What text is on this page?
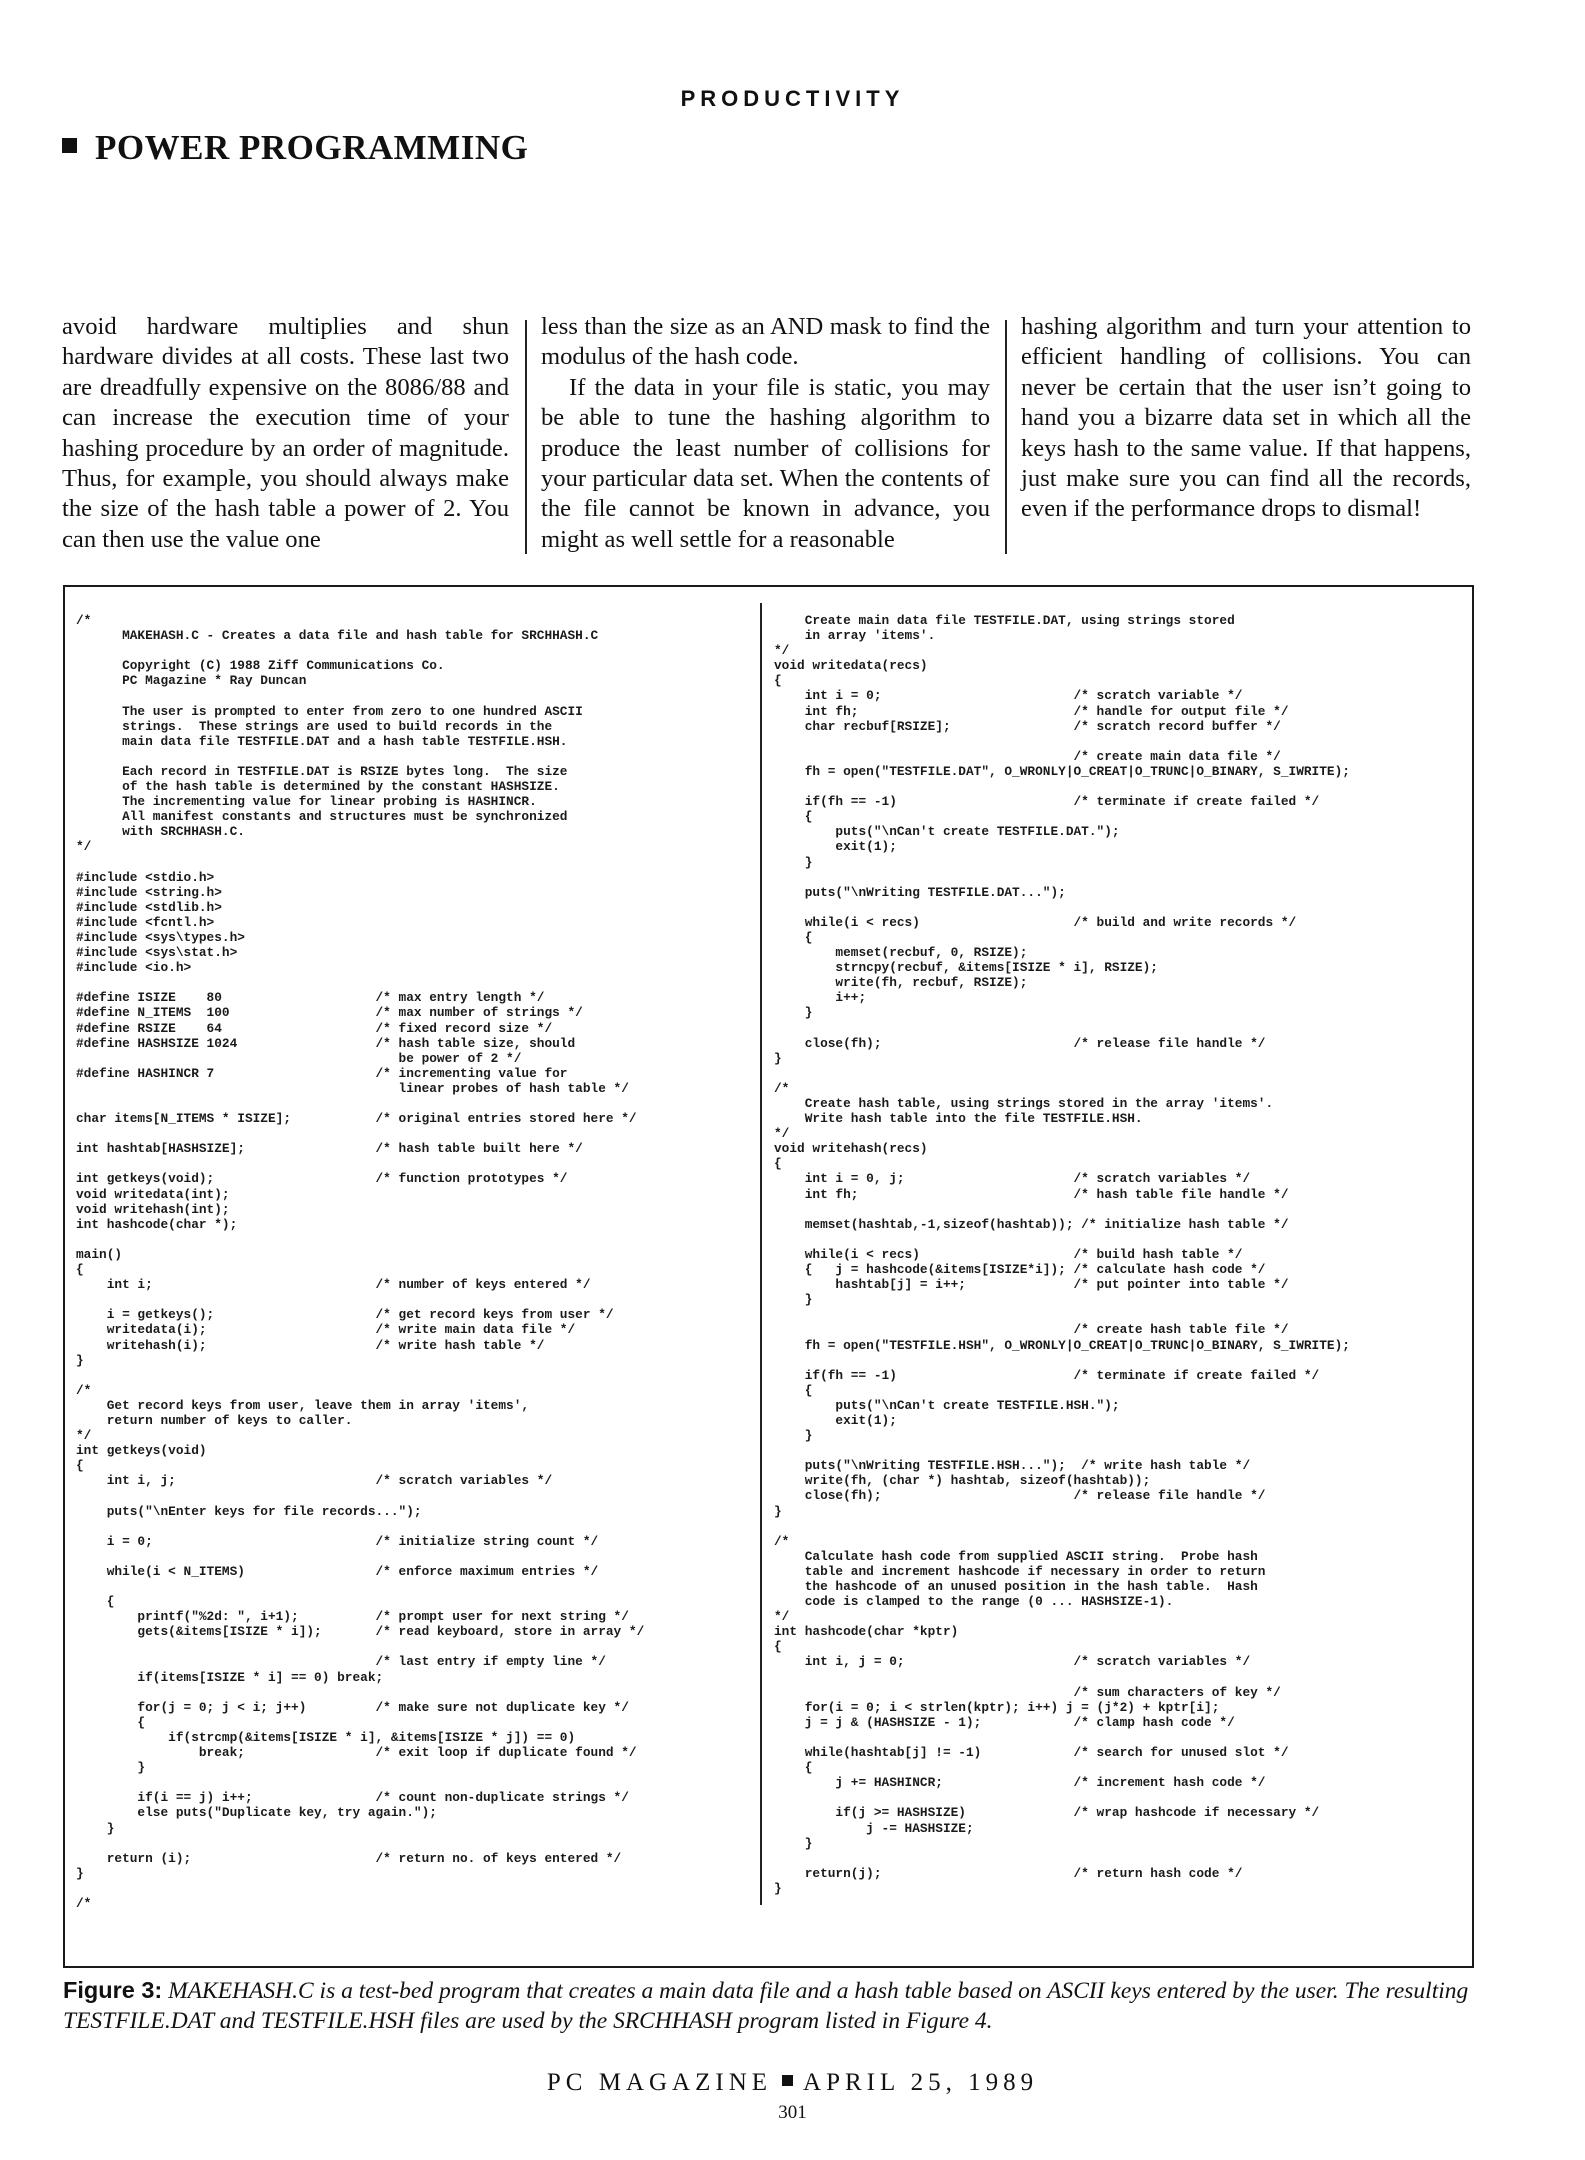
PRODUCTIVITY
POWER PROGRAMMING

avoid hardware multiplies and shun hardware divides at all costs. These last two are dreadfully expensive on the 8086/88 and can increase the execution time of your hashing procedure by an order of magnitude. Thus, for example, you should always make the size of the hash table a power of 2. You can then use the value one

less than the size as an AND mask to find the modulus of the hash code.

If the data in your file is static, you may be able to tune the hashing algorithm to produce the least number of collisions for your particular data set. When the contents of the file cannot be known in advance, you might as well settle for a reasonable

hashing algorithm and turn your attention to efficient handling of collisions. You can never be certain that the user isn’t going to hand you a bizarre data set in which all the keys hash to the same value. If that happens, just make sure you can find all the records, even if the performance drops to dismal!

/*
MAKEHASH.C - Creates a data file and hash table for SRCHHASH.C

Copyright (C) 1988 Ziff Communications Co.
PC Magazine * Ray Duncan

The user is prompted to enter from zero to one hundred ASCII
strings.  These strings are used to build records in the
main data file TESTFILE.DAT and a hash table TESTFILE.HSH.

Each record in TESTFILE.DAT is RSIZE bytes long.  The size
of the hash table is determined by the constant HASHSIZE.
The incrementing value for linear probing is HASHINCR.
All manifest constants and structures must be synchronized
with SRCHHASH.C.
*/

#include <stdio.h>
#include <string.h>
#include <stdlib.h>
#include <fcntl.h>
#include <sys\types.h>
#include <sys\stat.h>
#include <io.h>

#define ISIZE    80                    /* max entry length */
#define N_ITEMS  100                   /* max number of strings */
#define RSIZE    64                    /* fixed record size */
#define HASHSIZE 1024                  /* hash table size, should
be power of 2 */
#define HASHINCR 7                     /* incrementing value for
linear probes of hash table */

char items[N_ITEMS * ISIZE];           /* original entries stored here */

int hashtab[HASHSIZE];                 /* hash table built here */

int getkeys(void);                     /* function prototypes */
void writedata(int);
void writehash(int);
int hashcode(char *);

main()
{
int i;                             /* number of keys entered */

i = getkeys();                     /* get record keys from user */
writedata(i);                      /* write main data file */
writehash(i);                      /* write hash table */
}

/*
Get record keys from user, leave them in array 'items',
return number of keys to caller.
*/
int getkeys(void)
{
int i, j;                          /* scratch variables */

puts("\nEnter keys for file records...");

i = 0;                             /* initialize string count */

while(i < N_ITEMS)                 /* enforce maximum entries */

{
printf("%2d: ", i+1);          /* prompt user for next string */
gets(&items[ISIZE * i]);       /* read keyboard, store in array */

/* last entry if empty line */
if(items[ISIZE * i] == 0) break;

for(j = 0; j < i; j++)         /* make sure not duplicate key */
{
if(strcmp(&items[ISIZE * i], &items[ISIZE * j]) == 0)
break;                 /* exit loop if duplicate found */
}

if(i == j) i++;                /* count non-duplicate strings */
else puts("Duplicate key, try again.");
}

return (i);                        /* return no. of keys entered */
}

/*
Create main data file TESTFILE.DAT, using strings stored
in array 'items'.
*/
void writedata(recs)
{
int i = 0;                         /* scratch variable */
int fh;                            /* handle for output file */
char recbuf[RSIZE];                /* scratch record buffer */

/* create main data file */
fh = open("TESTFILE.DAT", O_WRONLY|O_CREAT|O_TRUNC|O_BINARY, S_IWRITE);

if(fh == -1)                       /* terminate if create failed */
{
puts("\nCan't create TESTFILE.DAT.");
exit(1);
}

puts("\nWriting TESTFILE.DAT...");

while(i < recs)                    /* build and write records */
{
memset(recbuf, 0, RSIZE);
strncpy(recbuf, &items[ISIZE * i], RSIZE);
write(fh, recbuf, RSIZE);
i++;
}

close(fh);                         /* release file handle */
}

/*
Create hash table, using strings stored in the array 'items'.
Write hash table into the file TESTFILE.HSH.
*/
void writehash(recs)
{
int i = 0, j;                      /* scratch variables */
int fh;                            /* hash table file handle */

memset(hashtab,-1,sizeof(hashtab)); /* initialize hash table */

while(i < recs)                    /* build hash table */
{   j = hashcode(&items[ISIZE*i]); /* calculate hash code */
hashtab[j] = i++;              /* put pointer into table */
}

/* create hash table file */
fh = open("TESTFILE.HSH", O_WRONLY|O_CREAT|O_TRUNC|O_BINARY, S_IWRITE);

if(fh == -1)                       /* terminate if create failed */
{
puts("\nCan't create TESTFILE.HSH.");
exit(1);
}

puts("\nWriting TESTFILE.HSH...");  /* write hash table */
write(fh, (char *) hashtab, sizeof(hashtab));
close(fh);                         /* release file handle */
}

/*
Calculate hash code from supplied ASCII string.  Probe hash
table and increment hashcode if necessary in order to return
the hashcode of an unused position in the hash table.  Hash
code is clamped to the range (0 ... HASHSIZE-1).
*/
int hashcode(char *kptr)
{
int i, j = 0;                      /* scratch variables */

/* sum characters of key */
for(i = 0; i < strlen(kptr); i++) j = (j*2) + kptr[i];
j = j & (HASHSIZE - 1);            /* clamp hash code */

while(hashtab[j] != -1)            /* search for unused slot */
{
j += HASHINCR;                 /* increment hash code */

if(j >= HASHSIZE)              /* wrap hashcode if necessary */
j -= HASHSIZE;
}

return(j);                         /* return hash code */
}
Figure 3: MAKEHASH.C is a test-bed program that creates a main data file and a hash table based on ASCII keys entered by the user. The resulting TESTFILE.DAT and TESTFILE.HSH files are used by the SRCHHASH program listed in Figure 4.
PC MAGAZINE APRIL 25, 1989
301
